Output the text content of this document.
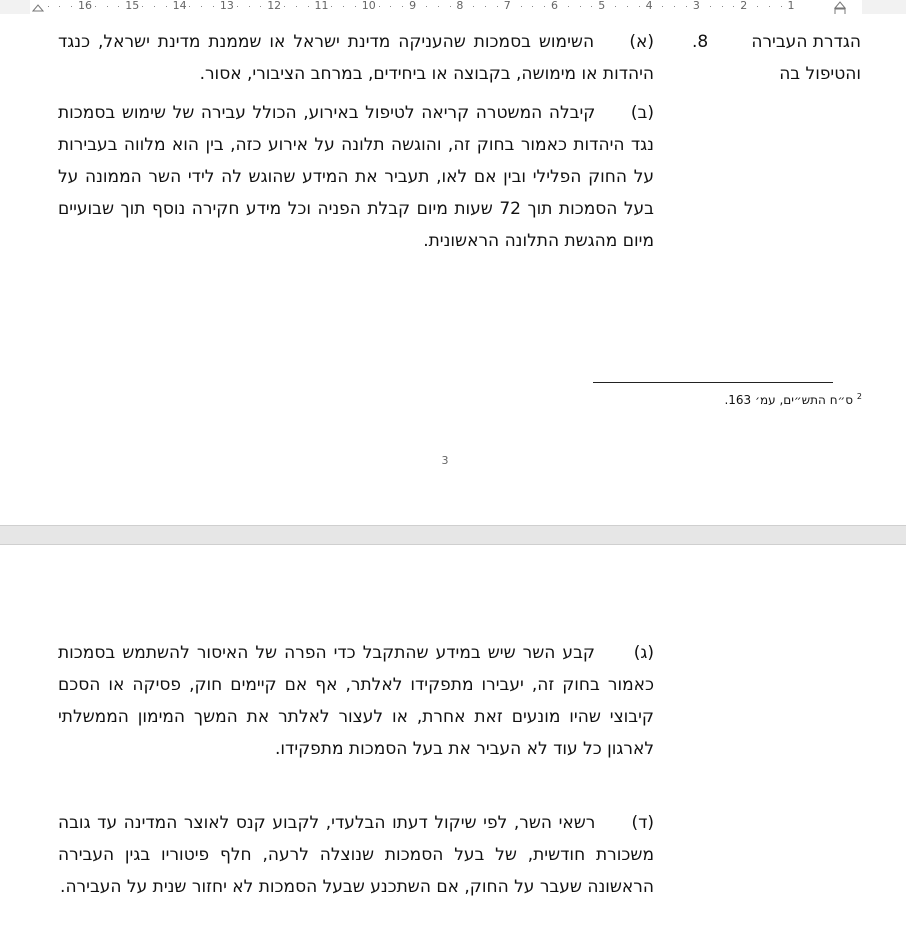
16	15	14	13	12	11	10	9	8	7	6	5	4	3	2	1
הגדרת העבירה והטיפול בה
8.
(א) השימוש בסמכות שהעניקה מדינת ישראל או שממנת מדינת ישראל, כנגד היהדות או מימושה, בקבוצה או ביחידים, במרחב הציבורי, אסור.
(ב) קיבלה המשטרה קריאה לטיפול באירוע, הכולל עבירה של שימוש בסמכות נגד היהדות כאמור בחוק זה, והוגשה תלונה על אירוע כזה, בין הוא מלווה בעבירות על החוק הפלילי ובין אם לאו, תעביר את המידע שהוגש לה לידי השר הממונה על בעל הסמכות תוך 72 שעות מיום קבלת הפניה וכל מידע חקירה נוסף תוך שבועיים מיום מהגשת התלונה הראשונית.
$^2$ ס״ח התש״ים, עמ׳ 163.
3
(ג) קבע השר שיש במידע שהתקבל כדי הפרה של האיסור להשתמש בסמכות כאמור בחוק זה, יעבירו מתפקידו לאלתר, אף אם קיימים חוק, פסיקה או הסכם קיבוצי שהיו מונעים זאת אחרת, או לעצור לאלתר את המשך המימון הממשלתי לארגון כל עוד לא העביר את בעל הסמכות מתפקידו.
(ד) רשאי השר, לפי שיקול דעתו הבלעדי, לקבוע קנס לאוצר המדינה עד גובה משכורת חודשית, של בעל הסמכות שנוצלה לרעה, חלף פיטוריו בגין העבירה הראשונה שעבר על החוק, אם השתכנע שבעל הסמכות לא יחזור שנית על העבירה.
